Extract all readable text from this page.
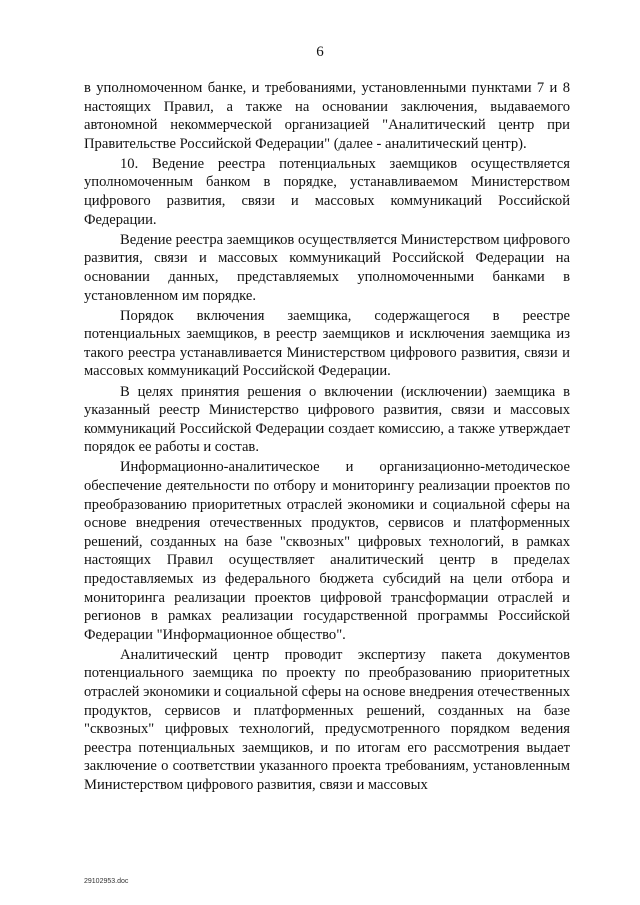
6

в уполномоченном банке, и требованиями, установленными пунктами 7 и 8 настоящих Правил, а также на основании заключения, выдаваемого автономной некоммерческой организацией "Аналитический центр при Правительстве Российской Федерации" (далее - аналитический центр).

10. Ведение реестра потенциальных заемщиков осуществляется уполномоченным банком в порядке, устанавливаемом Министерством цифрового развития, связи и массовых коммуникаций Российской Федерации.

Ведение реестра заемщиков осуществляется Министерством цифрового развития, связи и массовых коммуникаций Российской Федерации на основании данных, представляемых уполномоченными банками в установленном им порядке.

Порядок включения заемщика, содержащегося в реестре потенциальных заемщиков, в реестр заемщиков и исключения заемщика из такого реестра устанавливается Министерством цифрового развития, связи и массовых коммуникаций Российской Федерации.

В целях принятия решения о включении (исключении) заемщика в указанный реестр Министерство цифрового развития, связи и массовых коммуникаций Российской Федерации создает комиссию, а также утверждает порядок ее работы и состав.

Информационно-аналитическое и организационно-методическое обеспечение деятельности по отбору и мониторингу реализации проектов по преобразованию приоритетных отраслей экономики и социальной сферы на основе внедрения отечественных продуктов, сервисов и платформенных решений, созданных на базе "сквозных" цифровых технологий, в рамках настоящих Правил осуществляет аналитический центр в пределах предоставляемых из федерального бюджета субсидий на цели отбора и мониторинга реализации проектов цифровой трансформации отраслей и регионов в рамках реализации государственной программы Российской Федерации "Информационное общество".

Аналитический центр проводит экспертизу пакета документов потенциального заемщика по проекту по преобразованию приоритетных отраслей экономики и социальной сферы на основе внедрения отечественных продуктов, сервисов и платформенных решений, созданных на базе "сквозных" цифровых технологий, предусмотренного порядком ведения реестра потенциальных заемщиков, и по итогам его рассмотрения выдает заключение о соответствии указанного проекта требованиям, установленным Министерством цифрового развития, связи и массовых

29102953.doc
